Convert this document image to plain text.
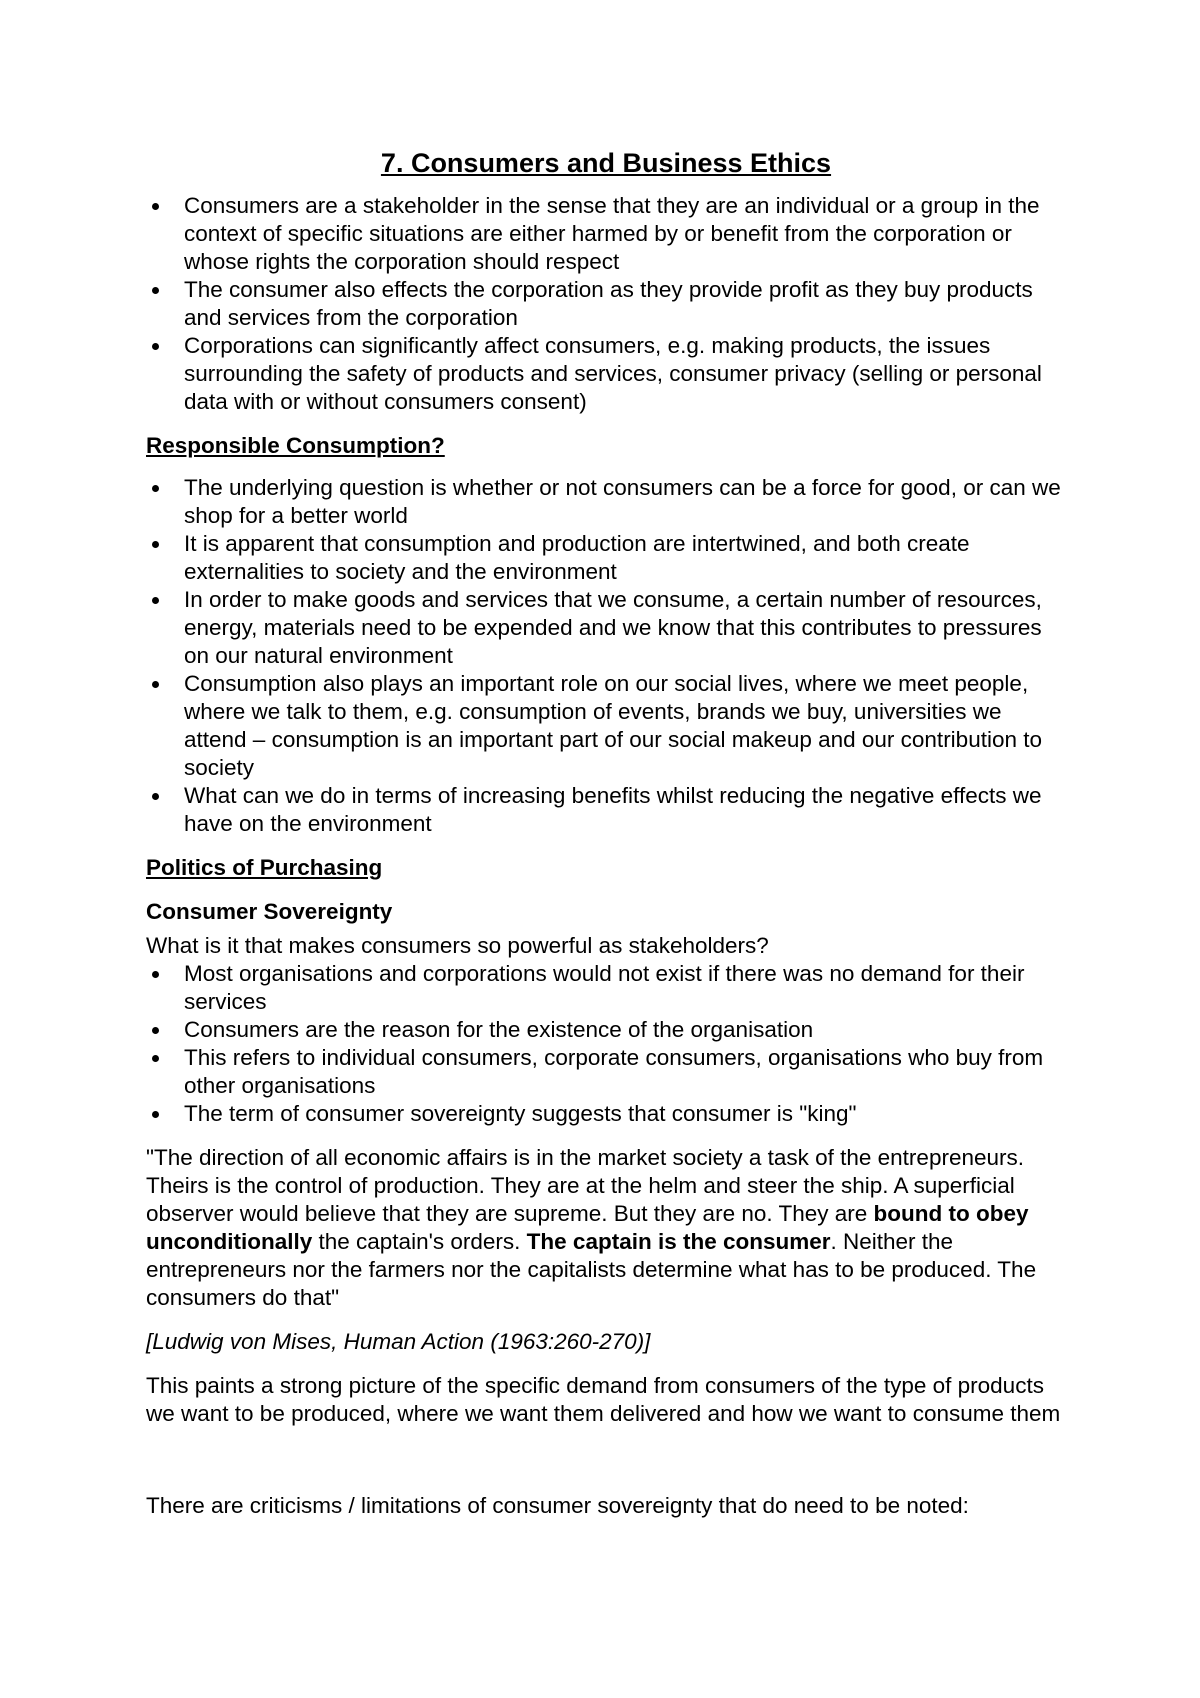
7. Consumers and Business Ethics
Consumers are a stakeholder in the sense that they are an individual or a group in the context of specific situations are either harmed by or benefit from the corporation or whose rights the corporation should respect
The consumer also effects the corporation as they provide profit as they buy products and services from the corporation
Corporations can significantly affect consumers, e.g. making products, the issues surrounding the safety of products and services, consumer privacy (selling or personal data with or without consumers consent)
Responsible Consumption?
The underlying question is whether or not consumers can be a force for good, or can we shop for a better world
It is apparent that consumption and production are intertwined, and both create externalities to society and the environment
In order to make goods and services that we consume, a certain number of resources, energy, materials need to be expended and we know that this contributes to pressures on our natural environment
Consumption also plays an important role on our social lives, where we meet people, where we talk to them, e.g. consumption of events, brands we buy, universities we attend – consumption is an important part of our social makeup and our contribution to society
What can we do in terms of increasing benefits whilst reducing the negative effects we have on the environment
Politics of Purchasing
Consumer Sovereignty

What is it that makes consumers so powerful as stakeholders?

Most organisations and corporations would not exist if there was no demand for their services
Consumers are the reason for the existence of the organisation
This refers to individual consumers, corporate consumers, organisations who buy from other organisations
The term of consumer sovereignty suggests that consumer is "king"

"The direction of all economic affairs is in the market society a task of the entrepreneurs. Theirs is the control of production. They are at the helm and steer the ship. A superficial observer would believe that they are supreme. But they are no. They are bound to obey unconditionally the captain's orders. The captain is the consumer. Neither the entrepreneurs nor the farmers nor the capitalists determine what has to be produced. The consumers do that"

[Ludwig von Mises, Human Action (1963:260-270)]

This paints a strong picture of the specific demand from consumers of the type of products we want to be produced, where we want them delivered and how we want to consume them

There are criticisms / limitations of consumer sovereignty that do need to be noted:
